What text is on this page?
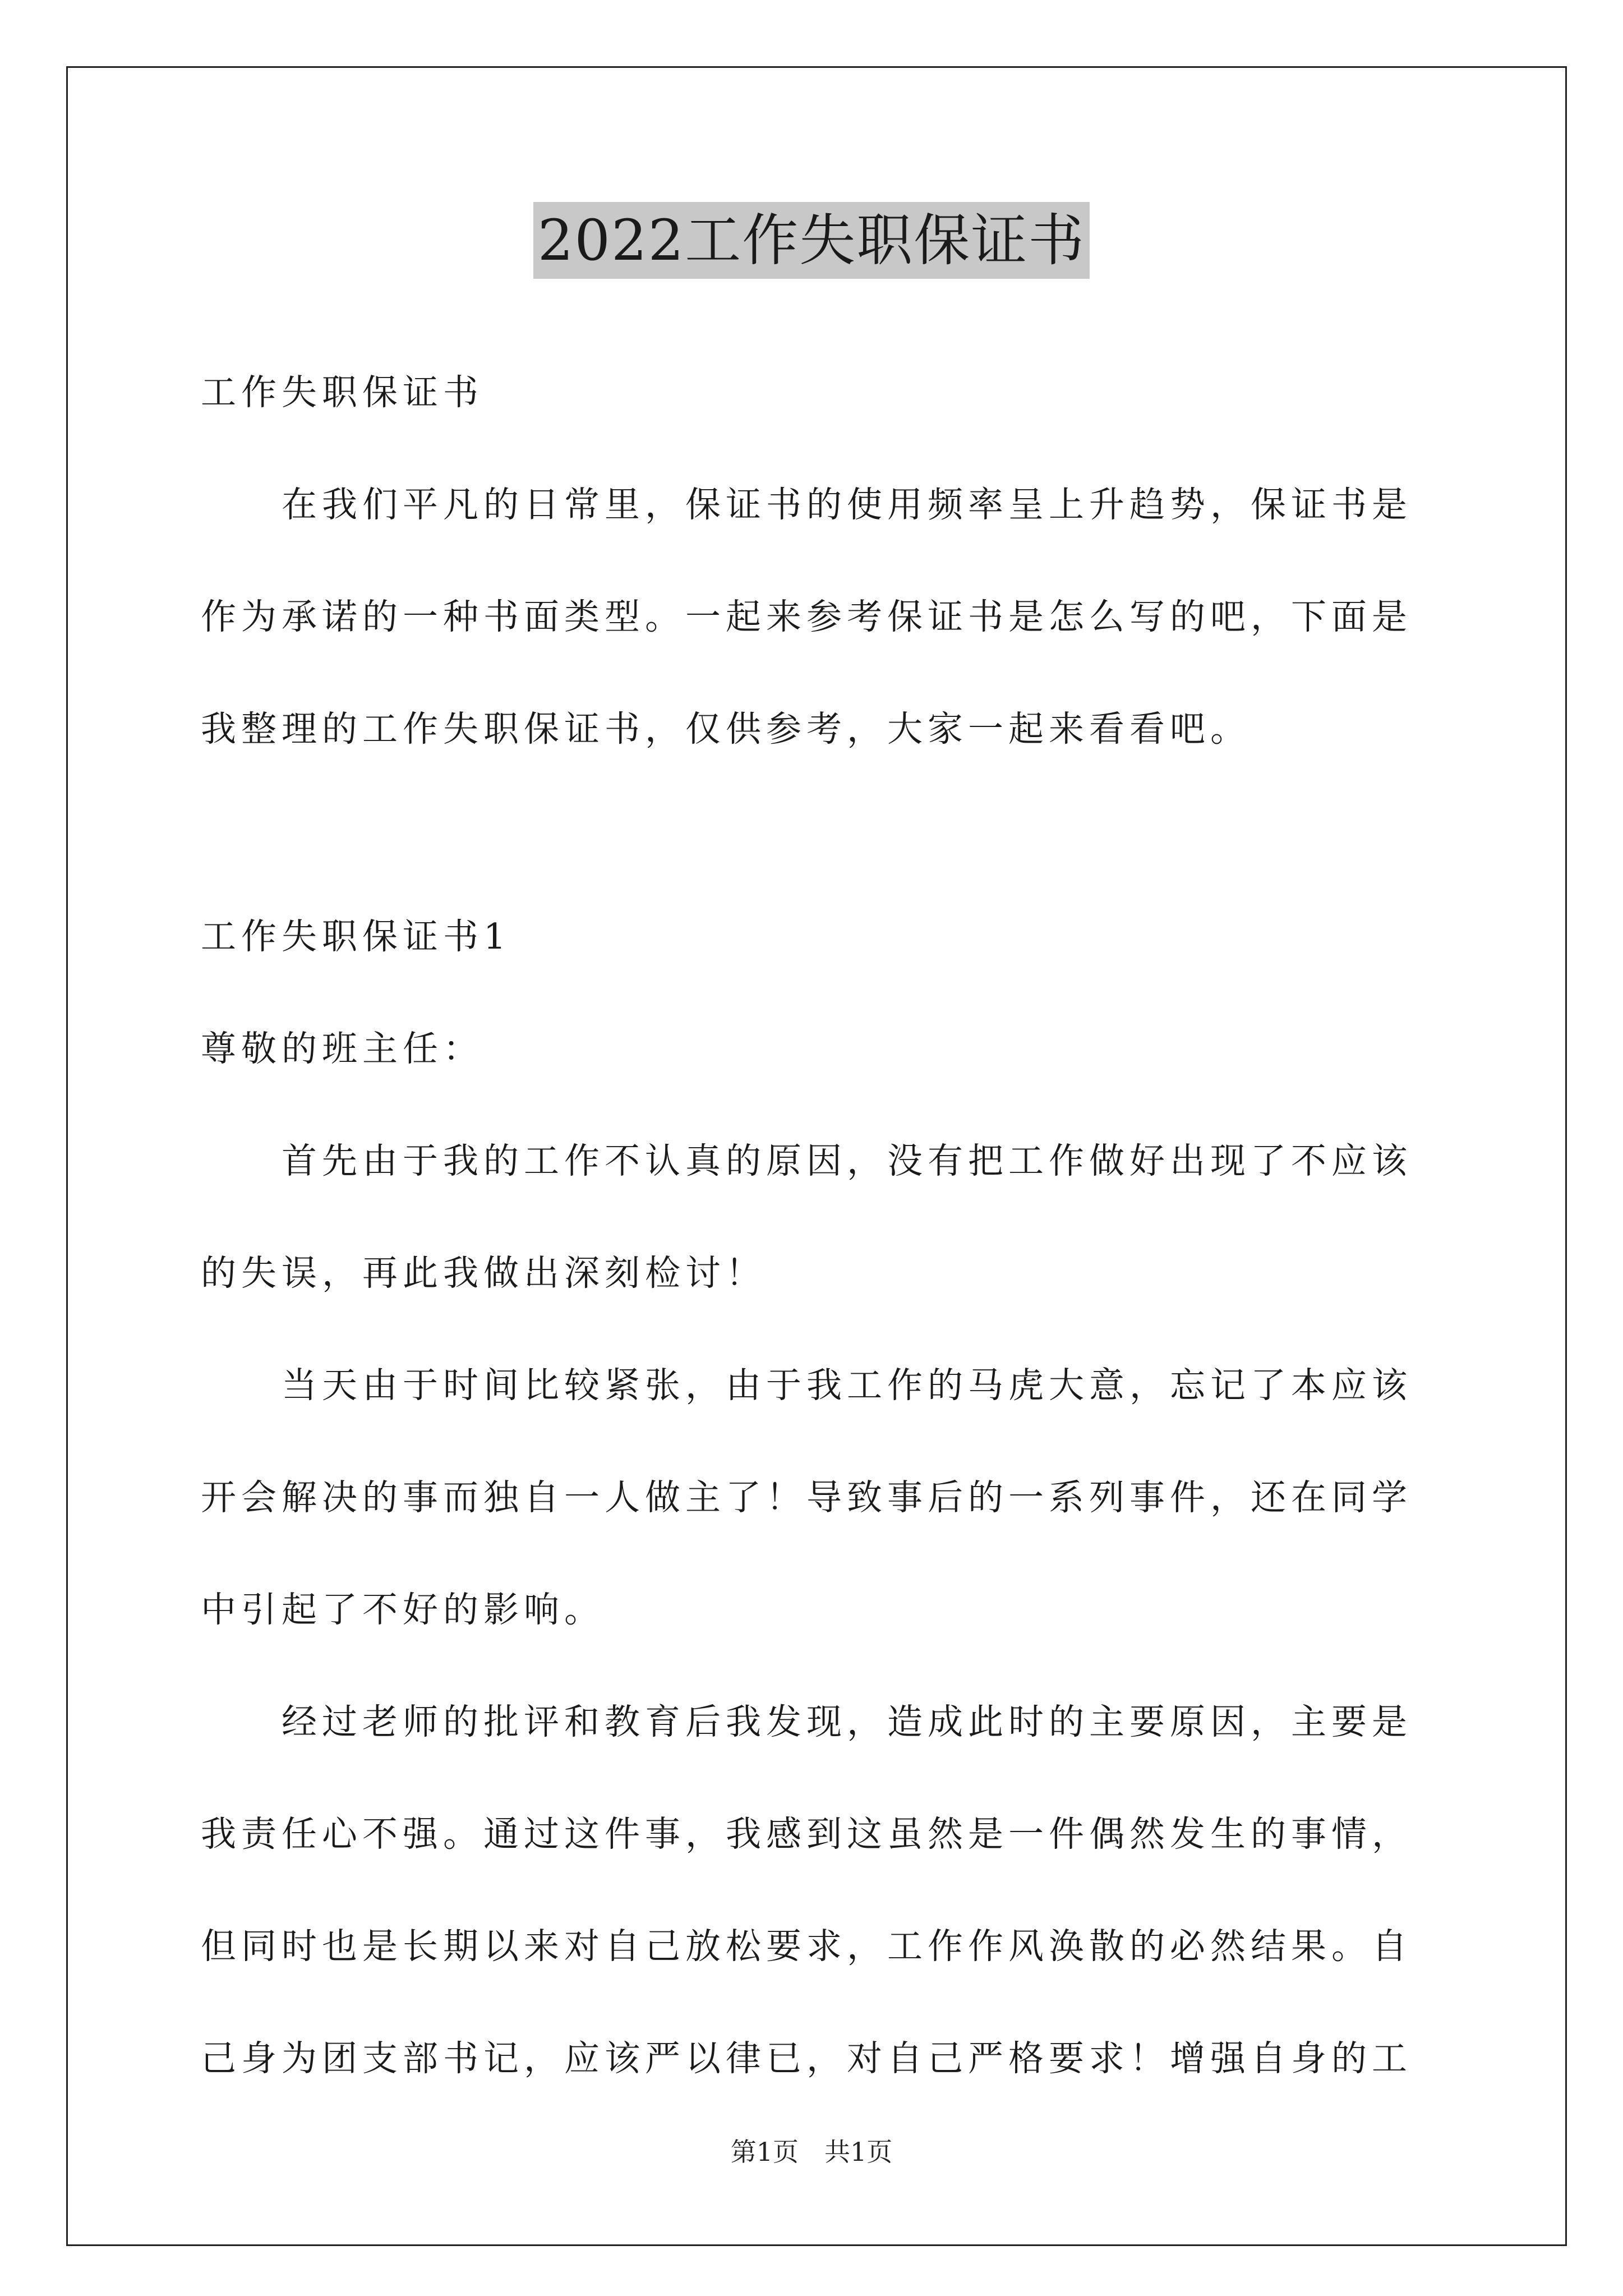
2022工作失职保证书
工作失职保证书
　　在我们平凡的日常里，保证书的使用频率呈上升趋势，保证书是
作为承诺的一种书面类型。一起来参考保证书是怎么写的吧，下面是
我整理的工作失职保证书，仅供参考，大家一起来看看吧。
工作失职保证书1
尊敬的班主任：
　　首先由于我的工作不认真的原因，没有把工作做好出现了不应该
的失误，再此我做出深刻检讨！
　　当天由于时间比较紧张，由于我工作的马虎大意，忘记了本应该
开会解决的事而独自一人做主了！导致事后的一系列事件，还在同学
中引起了不好的影响。
　　经过老师的批评和教育后我发现，造成此时的主要原因，主要是
我责任心不强。通过这件事，我感到这虽然是一件偶然发生的事情，
但同时也是长期以来对自己放松要求，工作作风涣散的必然结果。自
己身为团支部书记，应该严以律已，对自己严格要求！增强自身的工
第1页　共1页
